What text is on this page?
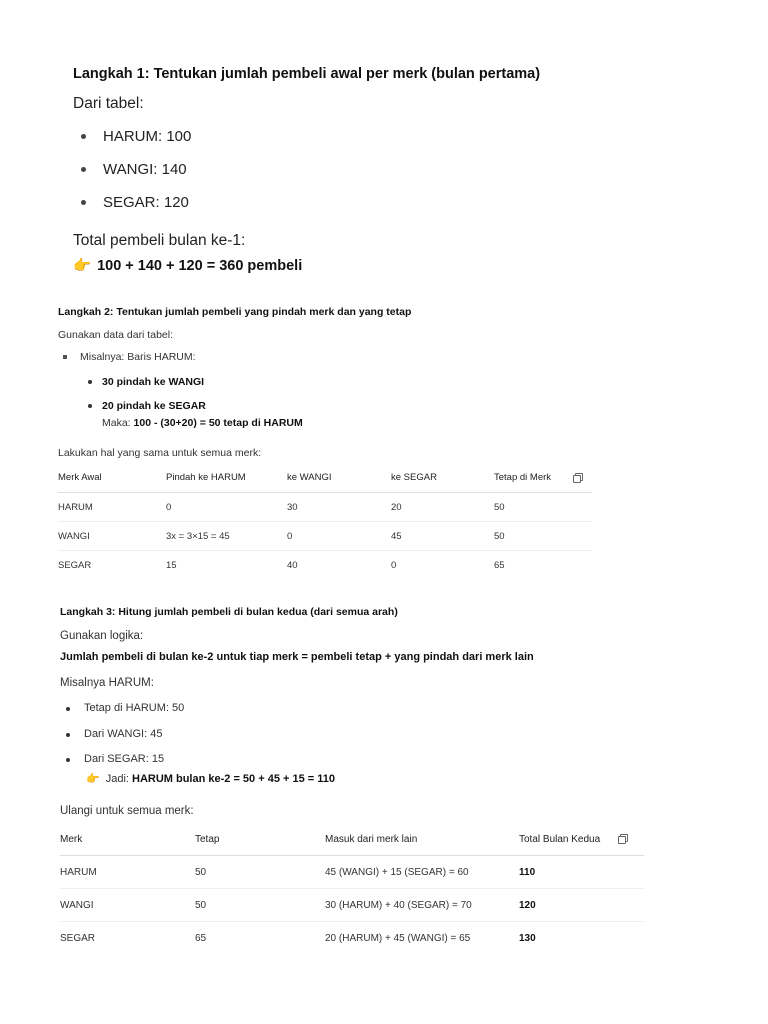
Langkah 1: Tentukan jumlah pembeli awal per merk (bulan pertama)
Dari tabel:
HARUM: 100
WANGI: 140
SEGAR: 120
Total pembeli bulan ke-1:
👉 100 + 140 + 120 = 360 pembeli
Langkah 2: Tentukan jumlah pembeli yang pindah merk dan yang tetap
Gunakan data dari tabel:
Misalnya: Baris HARUM:
30 pindah ke WANGI
20 pindah ke SEGAR
Maka: 100 - (30+20) = 50 tetap di HARUM
Lakukan hal yang sama untuk semua merk:
Merk Awal	Pindah ke HARUM	ke WANGI	ke SEGAR	Tetap di Merk
HARUM	0	30	20	50
WANGI	3x = 3×15 = 45	0	45	50
SEGAR	15	40	0	65
Langkah 3: Hitung jumlah pembeli di bulan kedua (dari semua arah)
Gunakan logika:
Jumlah pembeli di bulan ke-2 untuk tiap merk = pembeli tetap + yang pindah dari merk lain
Misalnya HARUM:
Tetap di HARUM: 50
Dari WANGI: 45
Dari SEGAR: 15
👉 Jadi: HARUM bulan ke-2 = 50 + 45 + 15 = 110
Ulangi untuk semua merk:
Merk	Tetap	Masuk dari merk lain	Total Bulan Kedua
HARUM	50	45 (WANGI) + 15 (SEGAR) = 60	110
WANGI	50	30 (HARUM) + 40 (SEGAR) = 70	120
SEGAR	65	20 (HARUM) + 45 (WANGI) = 65	130
